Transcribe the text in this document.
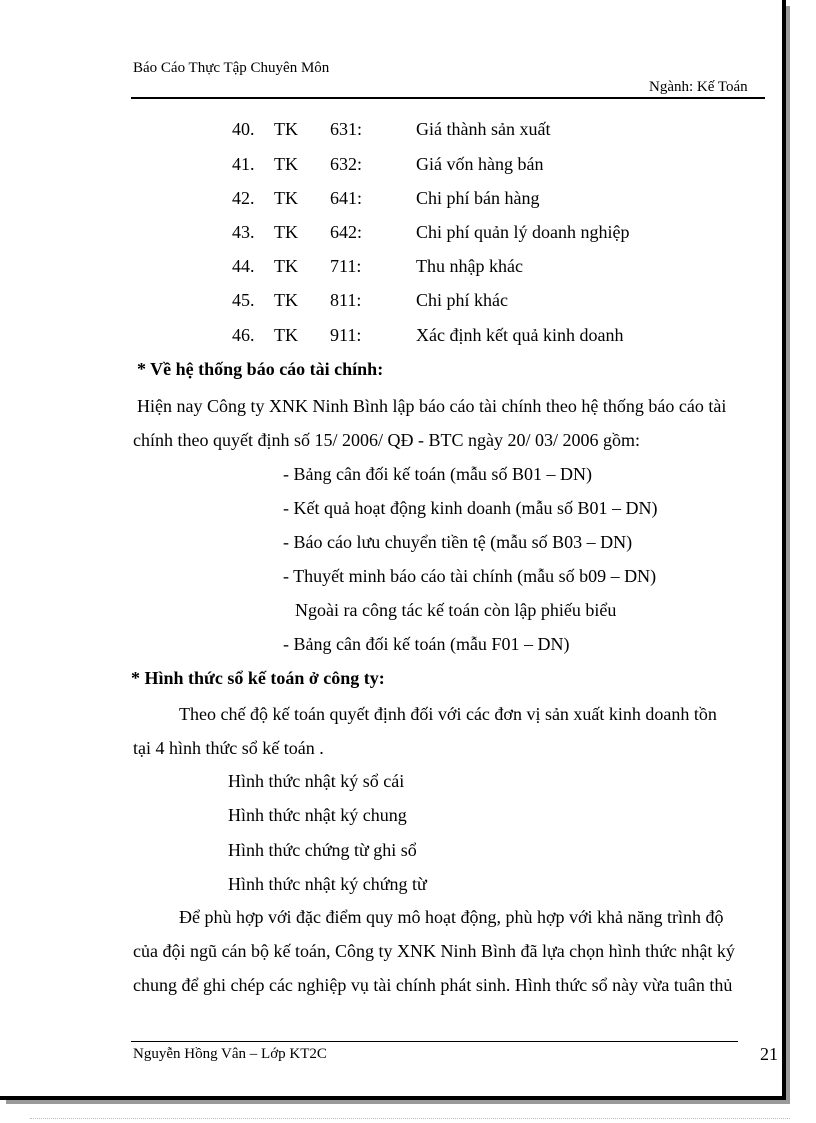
Báo Cáo Thực Tập Chuyên Môn
Ngành: Kế Toán
40. TK 631:	Giá thành sản xuất
41. TK 632:	Giá vốn hàng bán
42. TK 641:	Chi phí bán hàng
43. TK 642:	Chi phí quản lý doanh nghiệp
44. TK 711:	Thu nhập khác
45. TK 811:	Chi phí khác
46. TK 911:	Xác định kết quả kinh doanh
* Về hệ thống báo cáo tài chính:
Hiện nay Công ty XNK Ninh Bình lập báo cáo tài chính theo hệ thống báo cáo tài
chính theo quyết định số 15/ 2006/ QĐ - BTC ngày 20/ 03/ 2006 gồm:
- Bảng cân đối kế toán (mẫu số B01 – DN)
- Kết quả hoạt động kinh doanh (mẫu số B01 – DN)
- Báo cáo lưu chuyển tiền tệ (mẫu số B03 – DN)
- Thuyết minh báo cáo tài chính (mẫu số b09 – DN)
Ngoài ra công tác kế toán còn lập phiếu biểu
- Bảng cân đối kế toán (mẫu F01 – DN)
* Hình thức sổ kế toán ở công ty:
Theo chế độ kế toán quyết định đối với các đơn vị sản xuất kinh doanh tồn
tại 4 hình thức sổ kế toán .
Hình thức nhật ký sổ cái
Hình thức nhật ký chung
Hình thức chứng từ ghi sổ
Hình thức nhật ký chứng từ
Để phù hợp với đặc điểm quy mô hoạt động, phù hợp với khả năng trình độ
của đội ngũ cán bộ kế toán, Công ty XNK Ninh Bình đã lựa chọn hình thức nhật ký
chung để ghi chép các nghiệp vụ tài chính phát sinh. Hình thức sổ này vừa tuân thủ
Nguyễn Hồng Vân – Lớp KT2C	21
